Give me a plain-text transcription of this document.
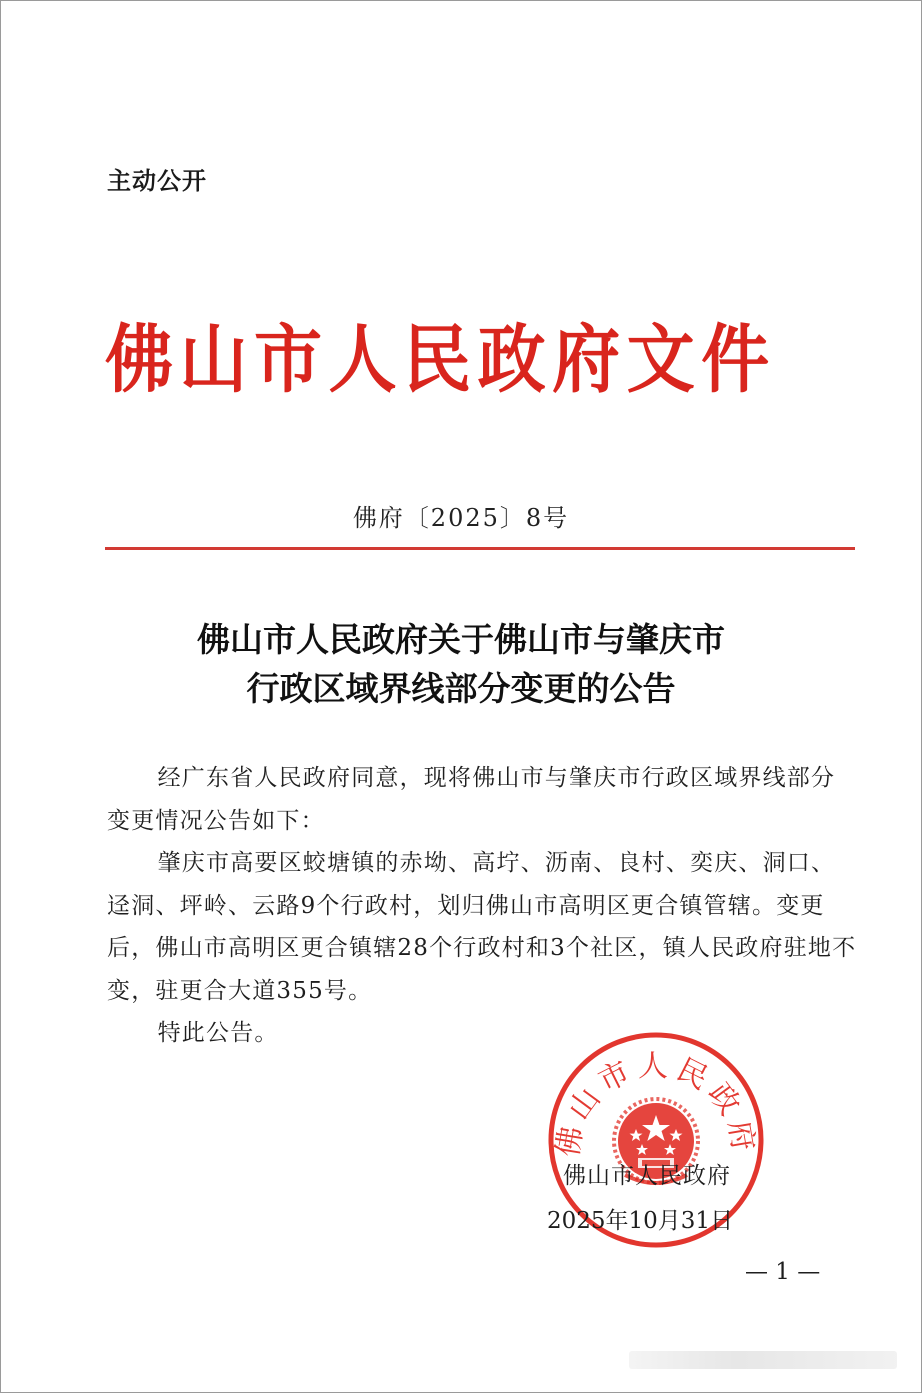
主动公开
佛山市人民政府文件
佛府〔2025〕8号
佛山市人民政府关于佛山市与肇庆市
行政区域界线部分变更的公告

经广东省人民政府同意，现将佛山市与肇庆市行政区域界线部分变更情况公告如下：

肇庆市高要区蛟塘镇的赤坳、高坾、沥南、良村、奕庆、洞口、迳洞、坪岭、云路9个行政村，划归佛山市高明区更合镇管辖。变更后，佛山市高明区更合镇辖28个行政村和3个社区，镇人民政府驻地不变，驻更合大道355号。

特此公告。

佛山市人民政府
佛山市人民政府
2025年10月31日
— 1 —
